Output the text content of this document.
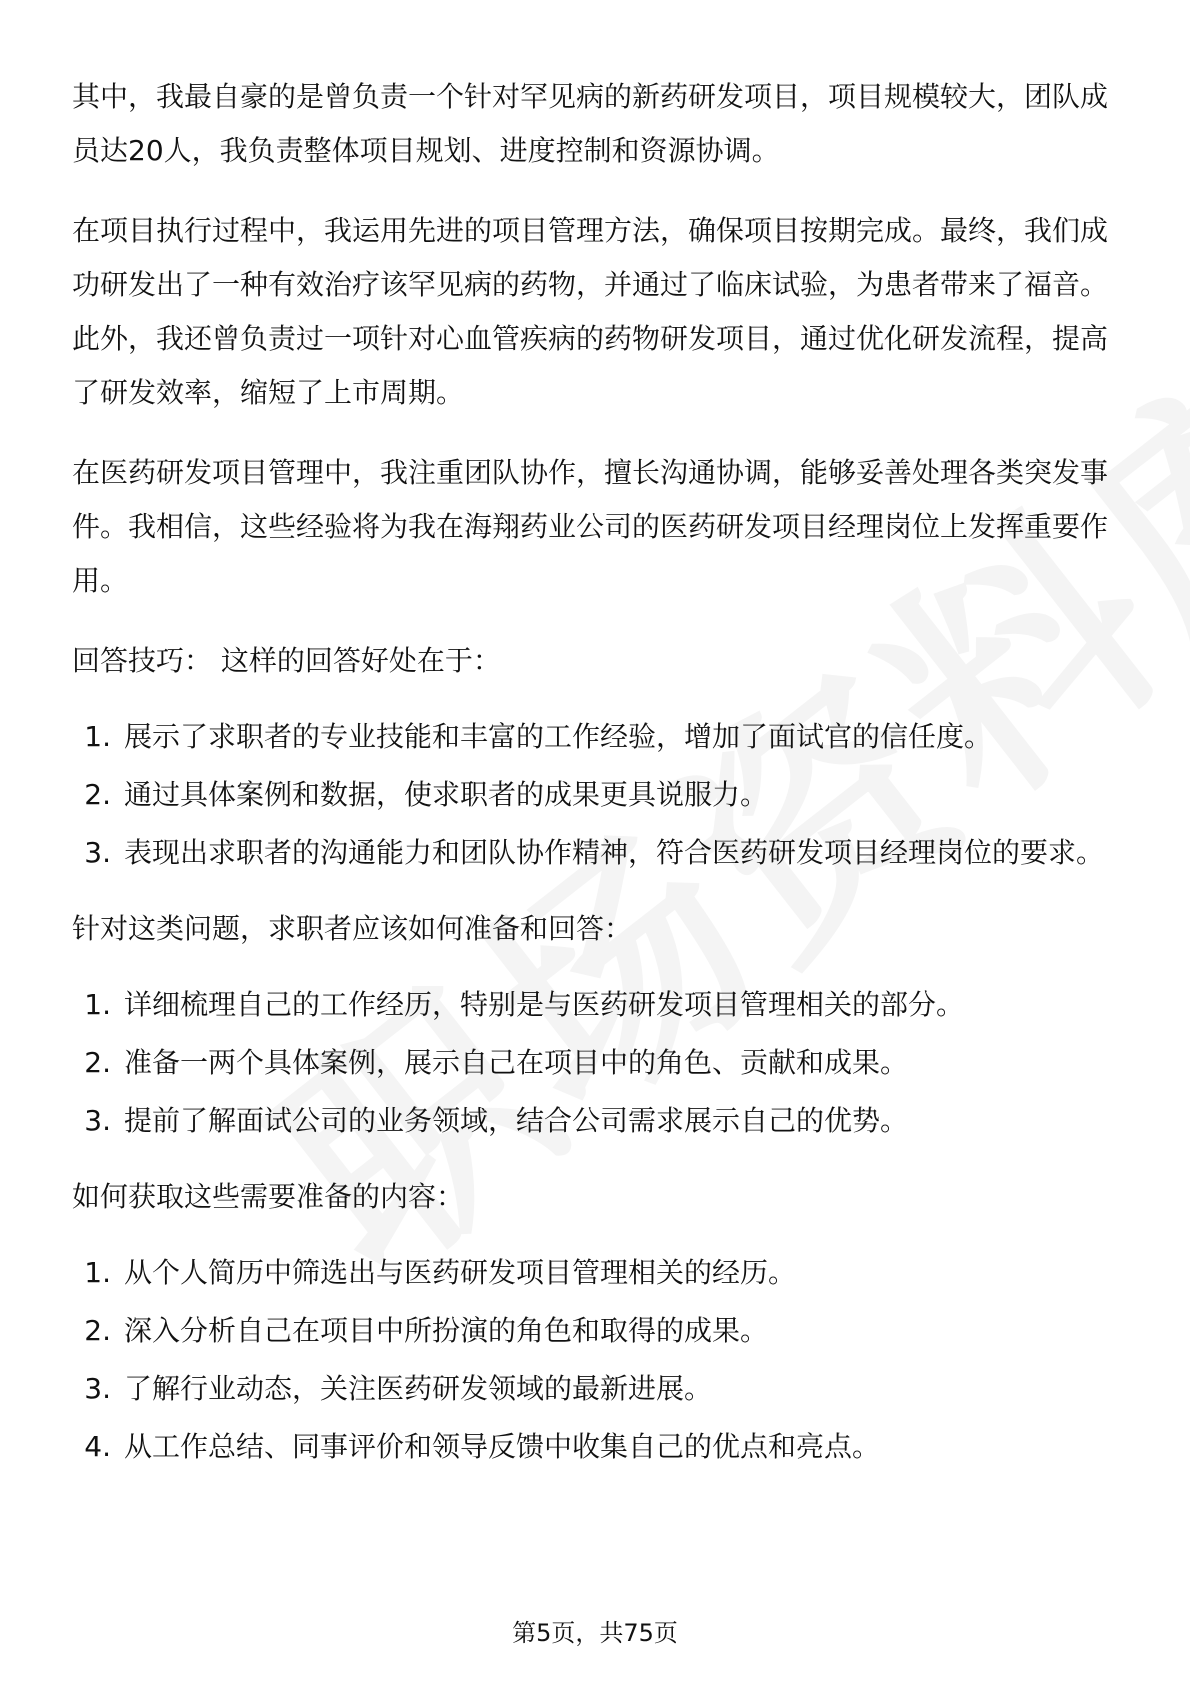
其中，我最自豪的是曾负责一个针对罕见病的新药研发项目，项目规模较大，团队成员达20人，我负责整体项目规划、进度控制和资源协调。

在项目执行过程中，我运用先进的项目管理方法，确保项目按期完成。最终，我们成功研发出了一种有效治疗该罕见病的药物，并通过了临床试验，为患者带来了福音。此外，我还曾负责过一项针对心血管疾病的药物研发项目，通过优化研发流程，提高了研发效率，缩短了上市周期。

在医药研发项目管理中，我注重团队协作，擅长沟通协调，能够妥善处理各类突发事件。我相信，这些经验将为我在海翔药业公司的医药研发项目经理岗位上发挥重要作用。

回答技巧： 这样的回答好处在于：

1. 展示了求职者的专业技能和丰富的工作经验，增加了面试官的信任度。
2. 通过具体案例和数据，使求职者的成果更具说服力。
3. 表现出求职者的沟通能力和团队协作精神，符合医药研发项目经理岗位的要求。

针对这类问题，求职者应该如何准备和回答：

1. 详细梳理自己的工作经历，特别是与医药研发项目管理相关的部分。
2. 准备一两个具体案例，展示自己在项目中的角色、贡献和成果。
3. 提前了解面试公司的业务领域，结合公司需求展示自己的优势。

如何获取这些需要准备的内容：

1. 从个人简历中筛选出与医药研发项目管理相关的经历。
2. 深入分析自己在项目中所扮演的角色和取得的成果。
3. 了解行业动态，关注医药研发领域的最新进展。
4. 从工作总结、同事评价和领导反馈中收集自己的优点和亮点。
第5页，共75页
